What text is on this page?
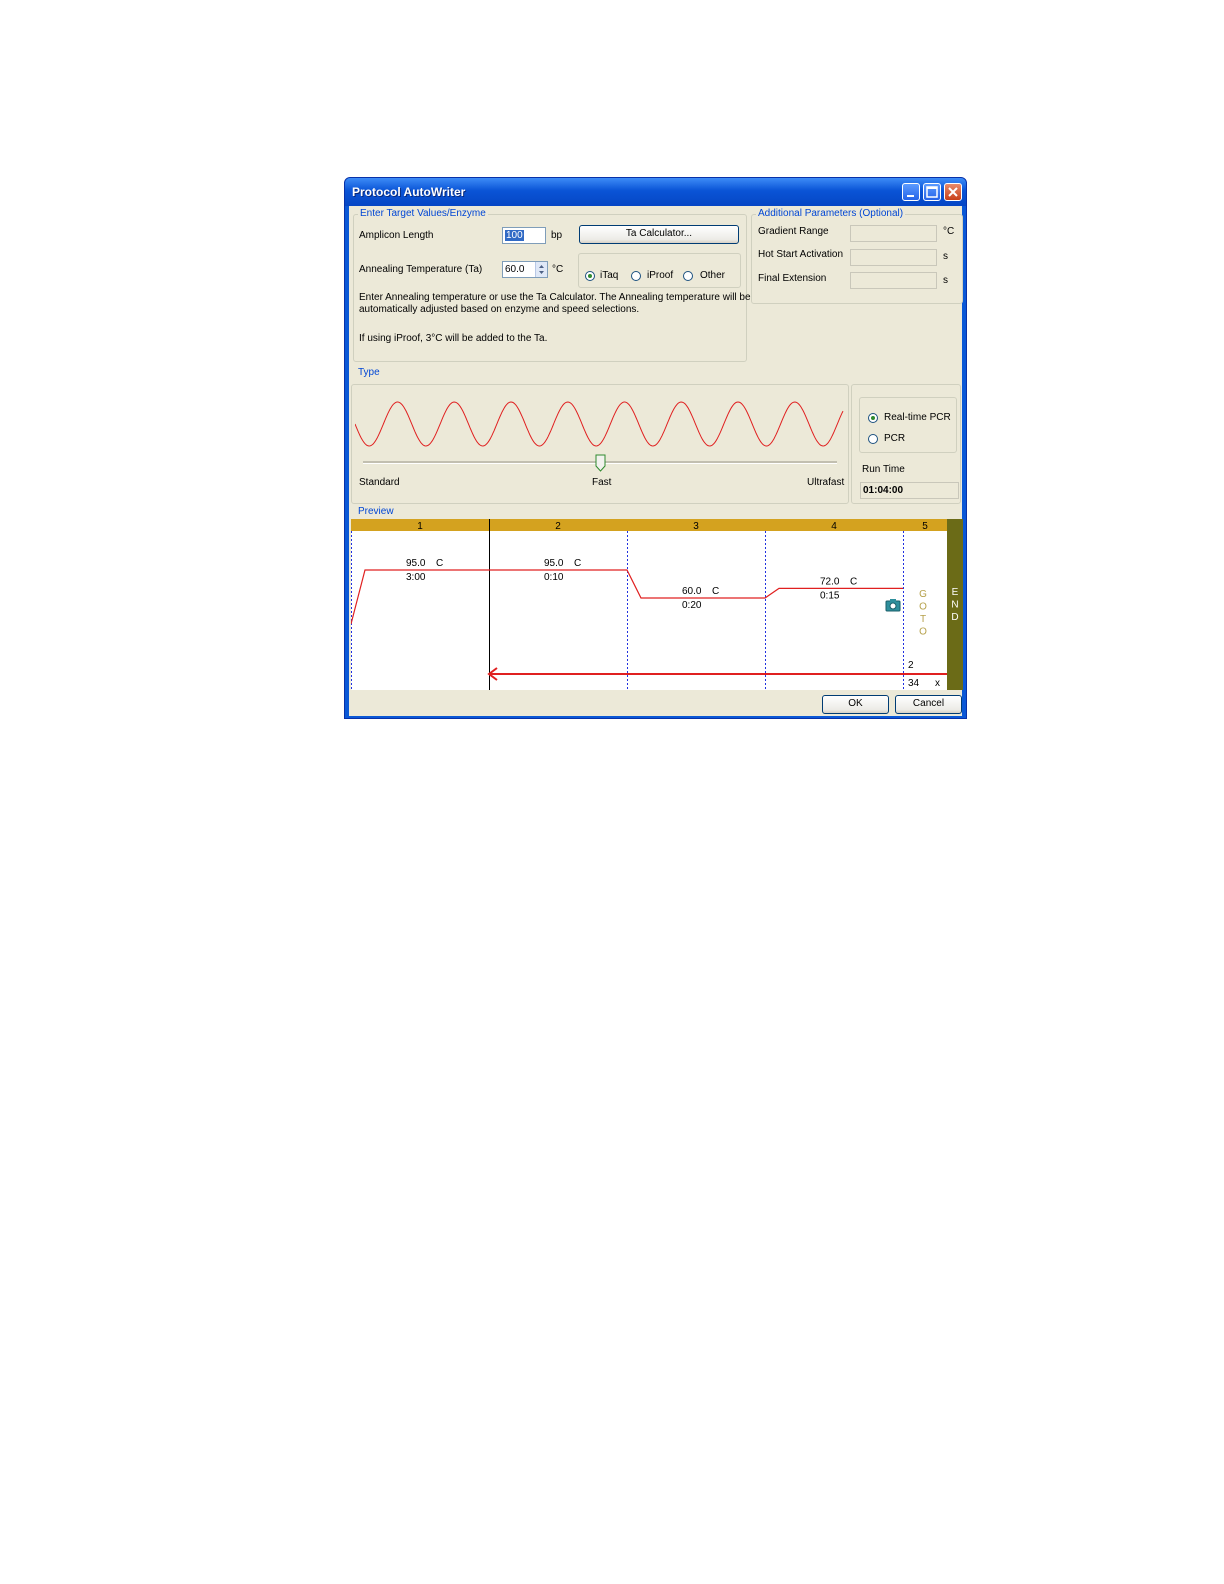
Protocol AutoWriter
Enter Target Values/Enzyme
Amplicon Length	100	bp	Ta Calculator...
Annealing Temperature (Ta)	60.0	°C
iTaq	iProof	Other
Enter Annealing temperature or use the Ta Calculator. The Annealing temperature will be
automatically adjusted based on enzyme and speed selections.
If using iProof, 3°C will be added to the Ta.
Additional Parameters (Optional)
Gradient Range	°C
Hot Start Activation	s
Final Extension	s
Type
Standard	Fast	Ultrafast
Real-time PCR
PCR
Run Time
01:04:00
Preview
1	2	3	4	5
95.0 C
3:00
95.0 C
0:10
60.0 C
0:20
72.0 C
0:15	G
O
T
O
2
34 x
E
N
D
OK	Cancel
